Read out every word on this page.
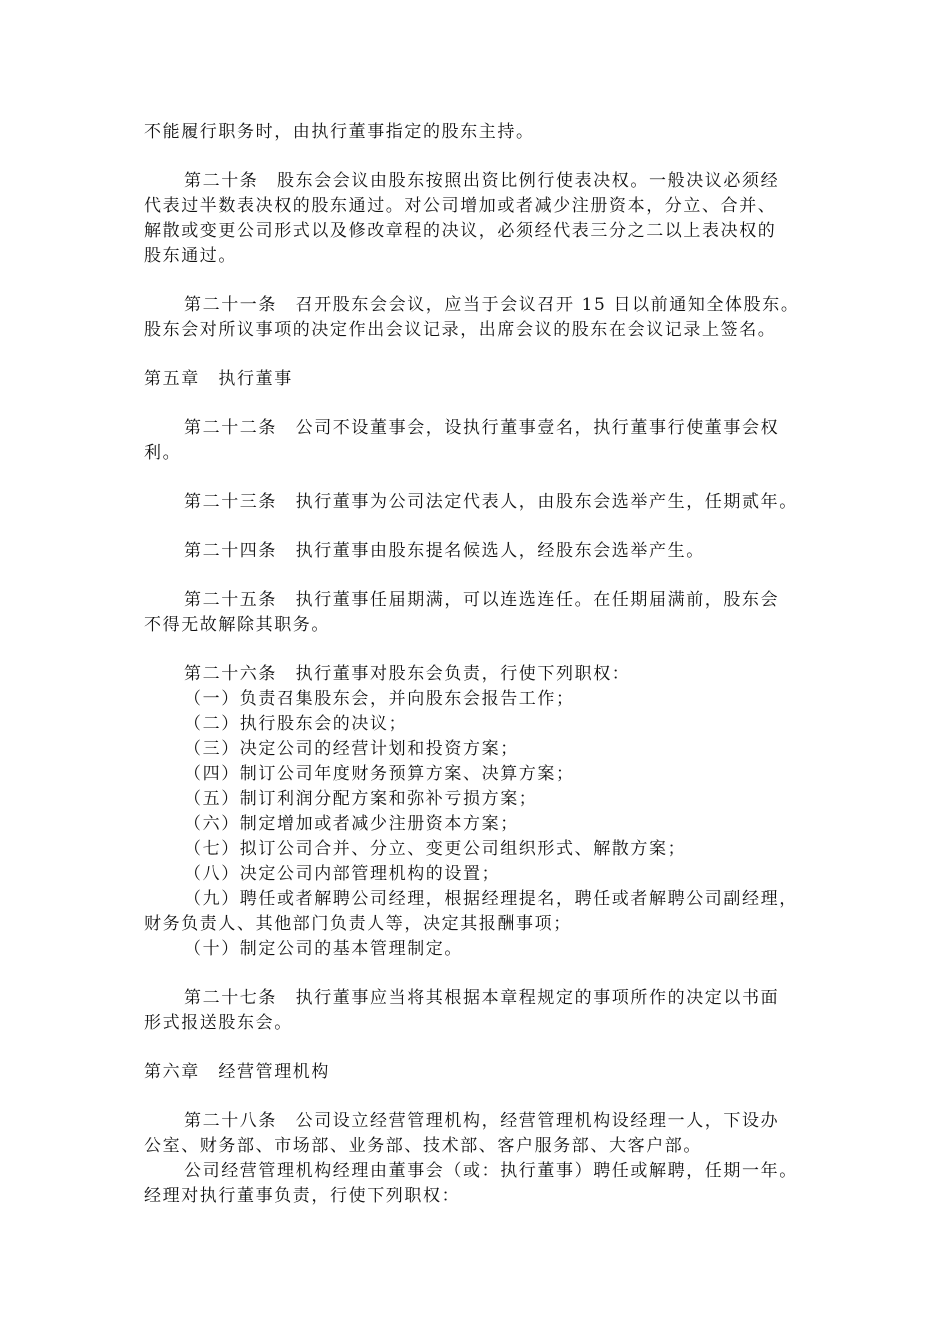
不能履行职务时，由执行董事指定的股东主持。
第二十条　股东会会议由股东按照出资比例行使表决权。一般决议必须经
代表过半数表决权的股东通过。对公司增加或者减少注册资本，分立、合并、
解散或变更公司形式以及修改章程的决议，必须经代表三分之二以上表决权的
股东通过。
第二十一条　召开股东会会议，应当于会议召开 15 日以前通知全体股东。
股东会对所议事项的决定作出会议记录，出席会议的股东在会议记录上签名。
第五章　执行董事
第二十二条　公司不设董事会，设执行董事壹名，执行董事行使董事会权
利。
第二十三条　执行董事为公司法定代表人，由股东会选举产生，任期贰年。
第二十四条　执行董事由股东提名候选人，经股东会选举产生。
第二十五条　执行董事任届期满，可以连选连任。在任期届满前，股东会
不得无故解除其职务。
第二十六条　执行董事对股东会负责，行使下列职权：
（一）负责召集股东会，并向股东会报告工作；
（二）执行股东会的决议；
（三）决定公司的经营计划和投资方案；
（四）制订公司年度财务预算方案、决算方案；
（五）制订利润分配方案和弥补亏损方案；
（六）制定增加或者减少注册资本方案；
（七）拟订公司合并、分立、变更公司组织形式、解散方案；
（八）决定公司内部管理机构的设置；
（九）聘任或者解聘公司经理，根据经理提名，聘任或者解聘公司副经理，
财务负责人、其他部门负责人等，决定其报酬事项；
（十）制定公司的基本管理制定。
第二十七条　执行董事应当将其根据本章程规定的事项所作的决定以书面
形式报送股东会。
第六章　经营管理机构
第二十八条　公司设立经营管理机构，经营管理机构设经理一人，下设办
公室、财务部、市场部、业务部、技术部、客户服务部、大客户部。
公司经营管理机构经理由董事会（或：执行董事）聘任或解聘，任期一年。
经理对执行董事负责，行使下列职权：
